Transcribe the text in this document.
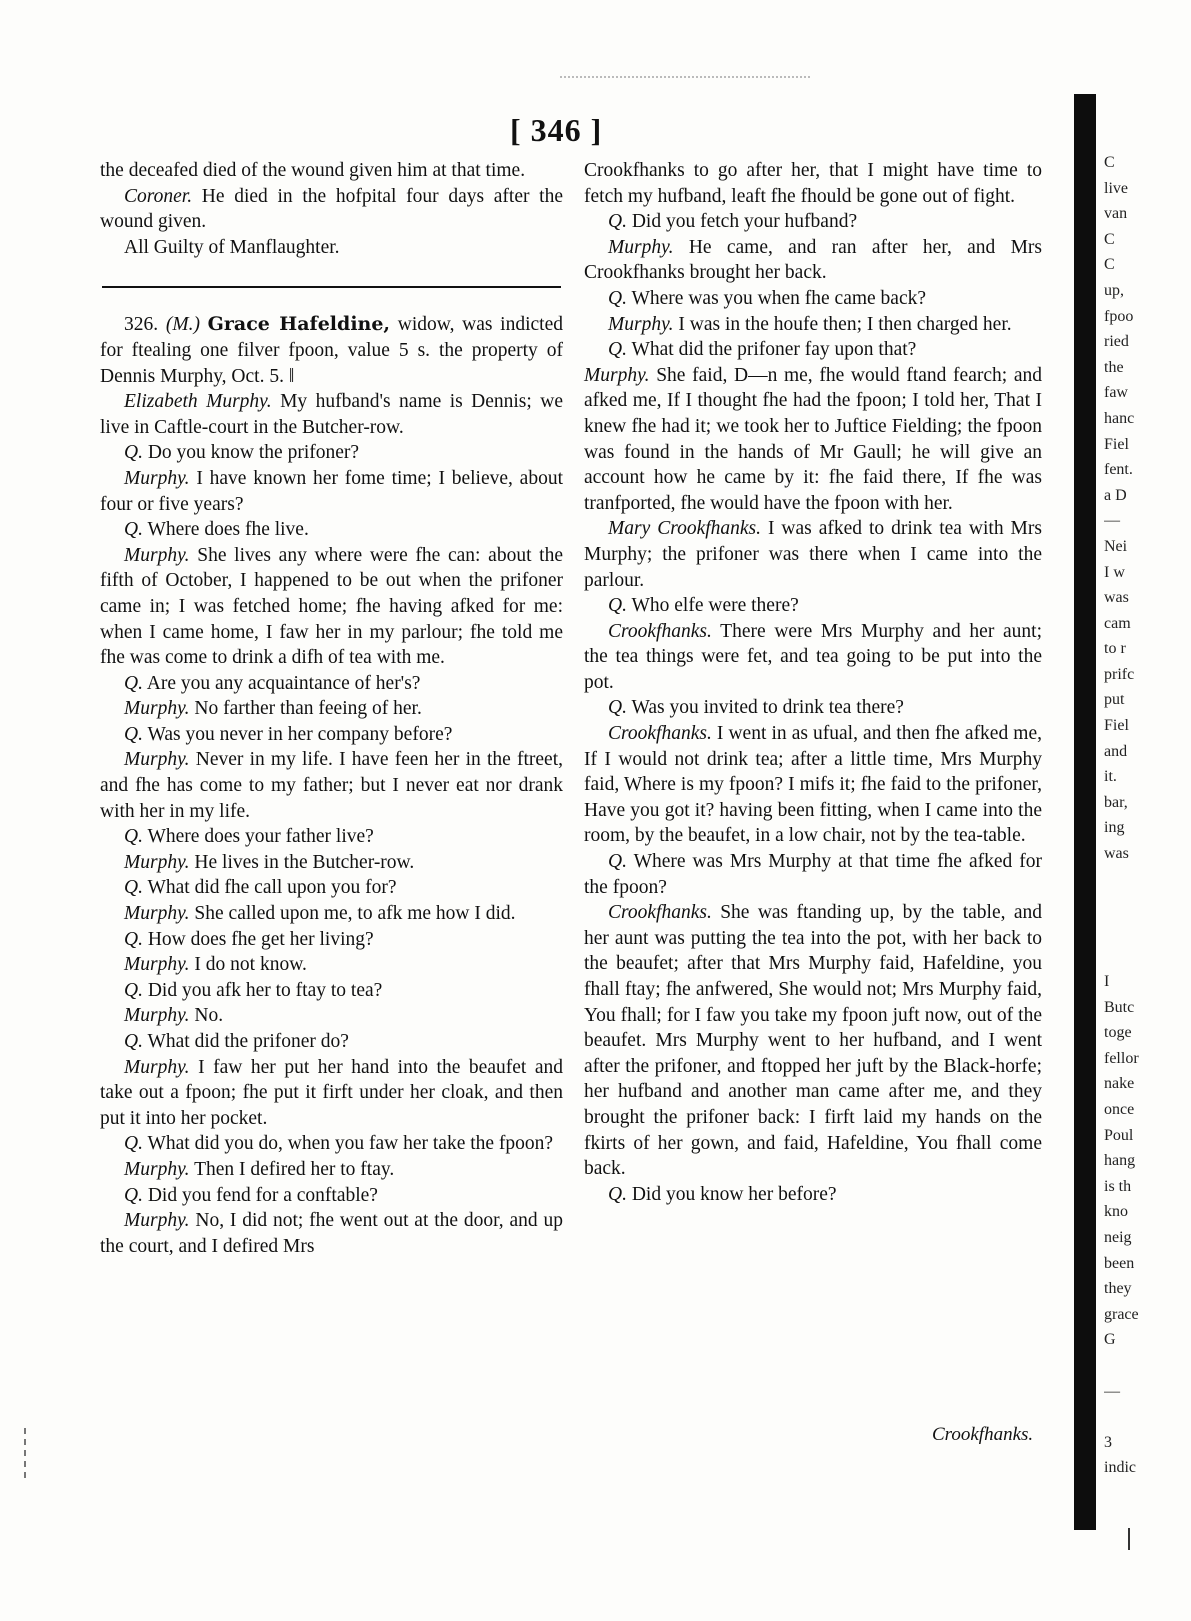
[ 346 ]

the deceafed died of the wound given him at that time.

Coroner. He died in the hofpital four days after the wound given.

All Guilty of Manflaughter.

326. (M.) Grace Hafeldine, widow, was indicted for ftealing one filver fpoon, value 5 s. the property of Dennis Murphy, Oct. 5. ‖

Elizabeth Murphy. My hufband's name is Dennis; we live in Caftle-court in the Butcher-row.

Q. Do you know the prifoner?

Murphy. I have known her fome time; I believe, about four or five years?

Q. Where does fhe live.

Murphy. She lives any where were fhe can: about the fifth of October, I happened to be out when the prifoner came in; I was fetched home; fhe having afked for me: when I came home, I faw her in my parlour; fhe told me fhe was come to drink a difh of tea with me.

Q. Are you any acquaintance of her's?

Murphy. No farther than feeing of her.

Q. Was you never in her company before?

Murphy. Never in my life. I have feen her in the ftreet, and fhe has come to my father; but I never eat nor drank with her in my life.

Q. Where does your father live?

Murphy. He lives in the Butcher-row.

Q. What did fhe call upon you for?

Murphy. She called upon me, to afk me how I did.

Q. How does fhe get her living?

Murphy. I do not know.

Q. Did you afk her to ftay to tea?

Murphy. No.

Q. What did the prifoner do?

Murphy. I faw her put her hand into the beaufet and take out a fpoon; fhe put it firft under her cloak, and then put it into her pocket.

Q. What did you do, when you faw her take the fpoon?

Murphy. Then I defired her to ftay.

Q. Did you fend for a conftable?

Murphy. No, I did not; fhe went out at the door, and up the court, and I defired Mrs

Crookfhanks to go after her, that I might have time to fetch my hufband, leaft fhe fhould be gone out of fight.

Q. Did you fetch your hufband?

Murphy. He came, and ran after her, and Mrs Crookfhanks brought her back.

Q. Where was you when fhe came back?

Murphy. I was in the houfe then; I then charged her.

Q. What did the prifoner fay upon that?

Murphy. She faid, D—n me, fhe would ftand fearch; and afked me, If I thought fhe had the fpoon; I told her, That I knew fhe had it; we took her to Juftice Fielding; the fpoon was found in the hands of Mr Gaull; he will give an account how he came by it: fhe faid there, If fhe was tranfported, fhe would have the fpoon with her.

Mary Crookfhanks. I was afked to drink tea with Mrs Murphy; the prifoner was there when I came into the parlour.

Q. Who elfe were there?

Crookfhanks. There were Mrs Murphy and her aunt; the tea things were fet, and tea going to be put into the pot.

Q. Was you invited to drink tea there?

Crookfhanks. I went in as ufual, and then fhe afked me, If I would not drink tea; after a little time, Mrs Murphy faid, Where is my fpoon? I mifs it; fhe faid to the prifoner, Have you got it? having been fitting, when I came into the room, by the beaufet, in a low chair, not by the tea-table.

Q. Where was Mrs Murphy at that time fhe afked for the fpoon?

Crookfhanks. She was ftanding up, by the table, and her aunt was putting the tea into the pot, with her back to the beaufet; after that Mrs Murphy faid, Hafeldine, you fhall ftay; fhe anfwered, She would not; Mrs Murphy faid, You fhall; for I faw you take my fpoon juft now, out of the beaufet. Mrs Murphy went to her hufband, and I went after the prifoner, and ftopped her juft by the Black-horfe; her hufband and another man came after me, and they brought the prifoner back: I firft laid my hands on the fkirts of her gown, and faid, Hafeldine, You fhall come back.

Q. Did you know her before?

Crookfhanks.
C
live
van
C
C
up,
fpoo
ried
the
faw
hanc
Fiel
fent.
a D
—
Nei
I w
was
cam
to r
prifc
put
Fiel
and
it.
bar,
ing
was
I
Butc
toge
fellor
nake
once
Poul
hang
is th
kno
neig
been
they
grace
G
—
3
indic
